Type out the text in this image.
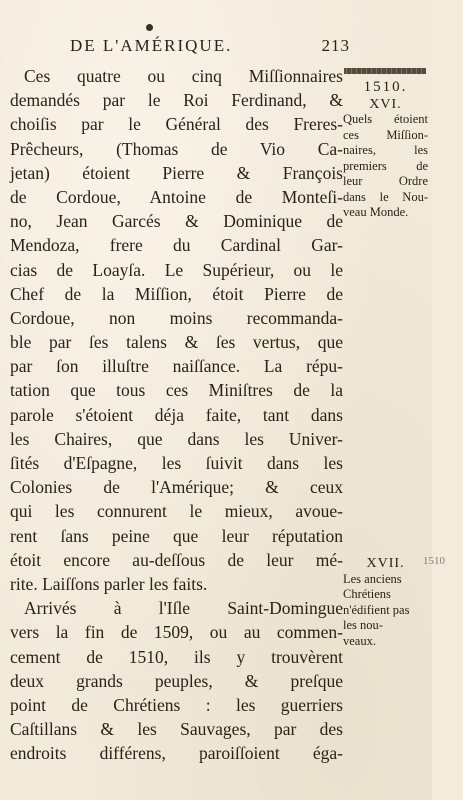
DE L'AMÉRIQUE.	213
Ces quatre ou cinq Miſſionnaires
demandés par le Roi Ferdinand, &
choiſis par le Général des Freres-
Prêcheurs, (Thomas de Vio Ca-
jetan) étoient Pierre & François
de Cordoue, Antoine de Monteſi-
no, Jean Garcés & Dominique de
Mendoza, frere du Cardinal Gar-
cias de Loayſa. Le Supérieur, ou le
Chef de la Miſſion, étoit Pierre de
Cordoue, non moins recommanda-
ble par ſes talens & ſes vertus, que
par ſon illuſtre naiſſance. La répu-
tation que tous ces Miniſtres de la
parole s'étoient déja faite, tant dans
les Chaires, que dans les Univer-
ſités d'Eſpagne, les ſuivit dans les
Colonies de l'Amérique; & ceux
qui les connurent le mieux, avoue-
rent ſans peine que leur réputation
étoit encore au-deſſous de leur mé-
rite. Laiſſons parler les faits.
Arrivés à l'Iſle Saint-Domingue
vers la fin de 1509, ou au commen-
cement de 1510, ils y trouvèrent
deux grands peuples, & preſque
point de Chrétiens : les guerriers
Caſtillans & les Sauvages, par des
endroits différens, paroiſſoient éga-
1510.
XVI.
Quels étoient
ces Miſſion-
naires, les
premiers de
leur Ordre
dans le Nou-
veau Monde.
XVII.	1510
Les anciens
Chrétiens
n'édifient pas
les nou-
veaux.
